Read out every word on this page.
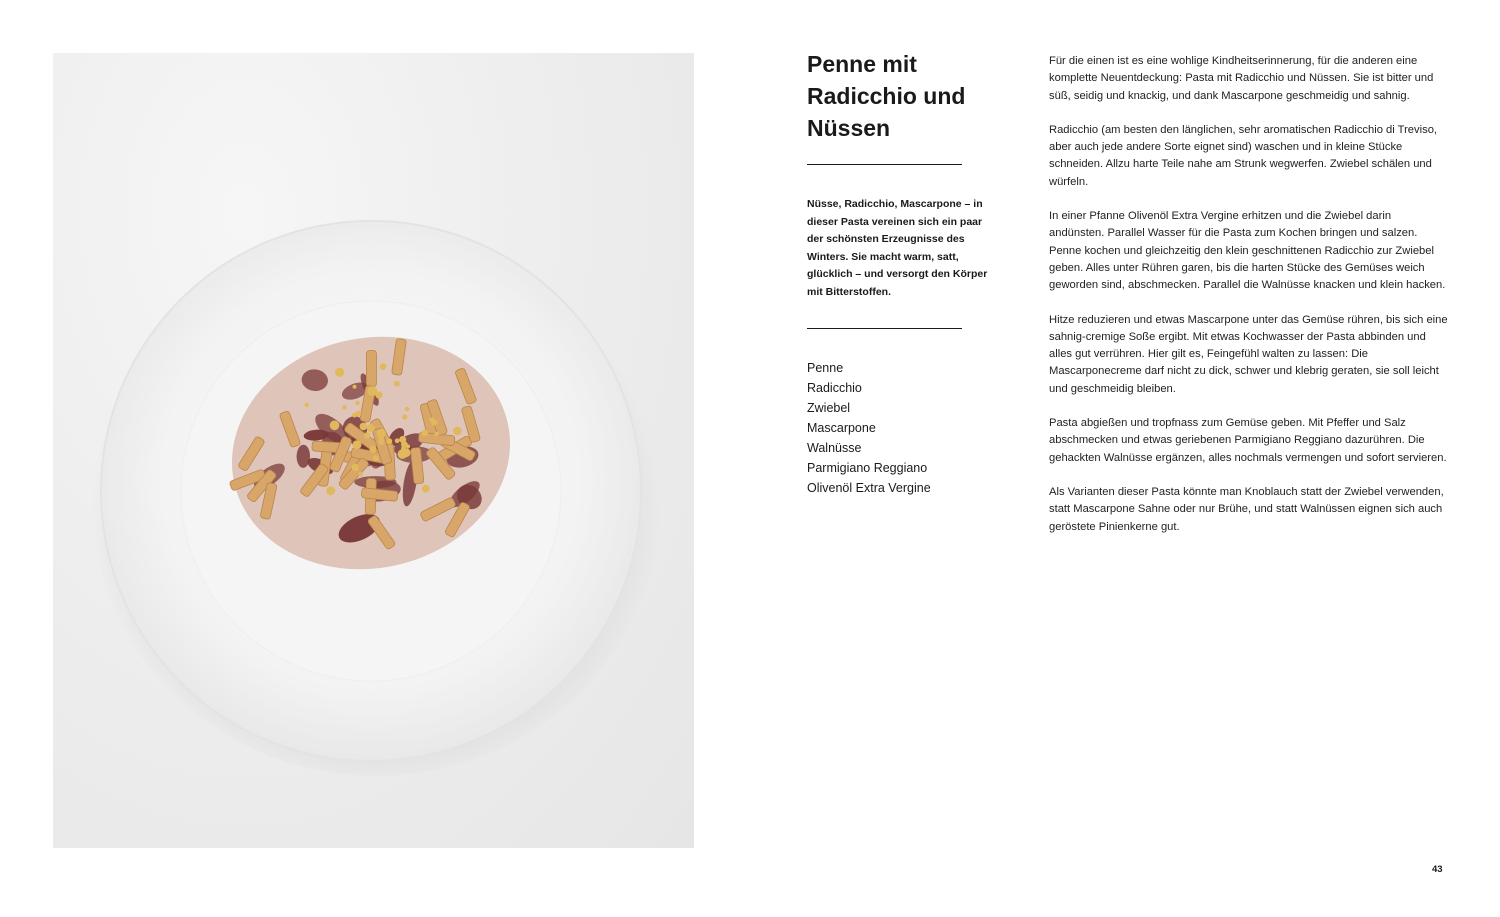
Penne mit Radicchio und Nüssen
Nüsse, Radicchio, Mascarpone – in dieser Pasta vereinen sich ein paar der schönsten Erzeugnisse des Winters. Sie macht warm, satt, glücklich – und versorgt den Körper mit Bitterstoffen.
Penne
Radicchio
Zwiebel
Mascarpone
Walnüsse
Parmigiano Reggiano
Olivenöl Extra Vergine

Für die einen ist es eine wohlige Kindheitserinnerung, für die anderen eine komplette Neuentdeckung: Pasta mit Radicchio und Nüssen. Sie ist bitter und süß, seidig und knackig, und dank Mascarpone geschmeidig und sahnig.

Radicchio (am besten den länglichen, sehr aromatischen Radicchio di Treviso, aber auch jede andere Sorte eignet sind) waschen und in kleine Stücke schneiden. Allzu harte Teile nahe am Strunk wegwerfen. Zwiebel schälen und würfeln.

In einer Pfanne Olivenöl Extra Vergine erhitzen und die Zwiebel darin andünsten. Parallel Wasser für die Pasta zum Kochen bringen und salzen. Penne kochen und gleichzeitig den klein geschnittenen Radicchio zur Zwiebel geben. Alles unter Rühren garen, bis die harten Stücke des Gemüses weich geworden sind, abschmecken. Parallel die Walnüsse knacken und klein hacken.

Hitze reduzieren und etwas Mascarpone unter das Gemüse rühren, bis sich eine sahnig-cremige Soße ergibt. Mit etwas Kochwasser der Pasta abbinden und alles gut verrühren. Hier gilt es, Feingefühl walten zu lassen: Die Mascarponecreme darf nicht zu dick, schwer und klebrig geraten, sie soll leicht und geschmeidig bleiben.

Pasta abgießen und tropfnass zum Gemüse geben. Mit Pfeffer und Salz abschmecken und etwas geriebenen Parmigiano Reggiano dazurühren. Die gehackten Walnüsse ergänzen, alles nochmals vermengen und sofort servieren.

Als Varianten dieser Pasta könnte man Knoblauch statt der Zwiebel verwenden, statt Mascarpone Sahne oder nur Brühe, und statt Walnüssen eignen sich auch geröstete Pinienkerne gut.

43
